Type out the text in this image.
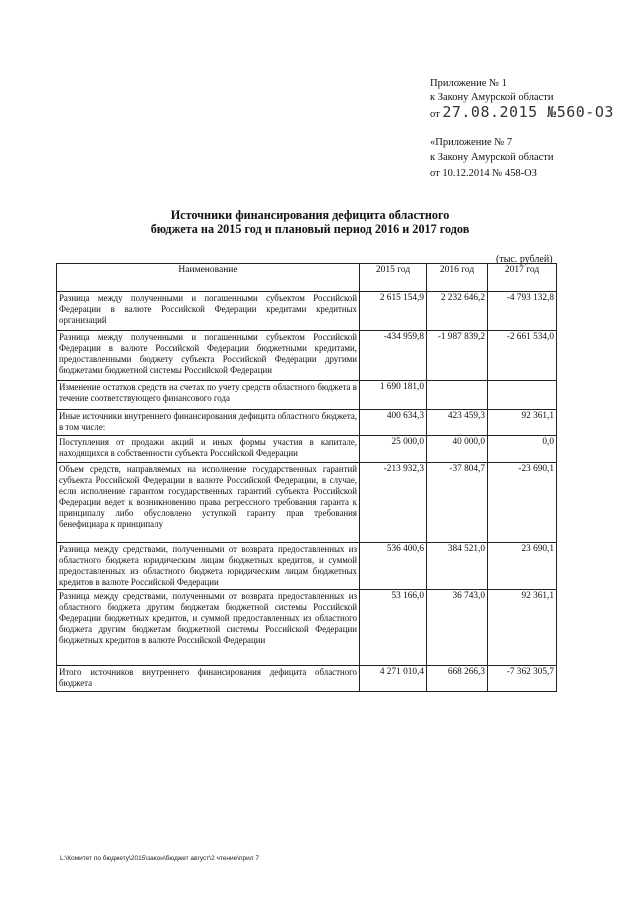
Приложение № 1
к Закону Амурской области
от 27.08.2015 №560-ОЗ
«Приложение № 7
к Закону Амурской области
от 10.12.2014 № 458-ОЗ
Источники финансирования дефицита областного
бюджета на 2015 год и плановый период 2016 и 2017 годов
(тыс. рублей)
Наименование	2015 год	2016 год	2017 год
Разница между полученными и погашенными субъектом Российской Федерации в валюте Российской Федерации кредитами кредитных организаций	2 615 154,9	2 232 646,2	-4 793 132,8
Разница между полученными и погашенными субъектом Российской Федерации в валюте Российской Федерации бюджетными кредитами, предоставленными бюджету субъекта Российской Федерации другими бюджетами бюджетной системы Российской Федерации	-434 959,8	-1 987 839,2	-2 661 534,0
Изменение остатков средств на счетах по учету средств областного бюджета в течение соответствующего финансового года	1 690 181,0		
Иные источники внутреннего финансирования дефицита областного бюджета, в том числе:	400 634,3	423 459,3	92 361,1
Поступления от продажи акций и иных формы участия в капитале, находящихся в собственности субъекта Российской Федерации	25 000,0	40 000,0	0,0
Объем средств, направляемых на исполнение государственных гарантий субъекта Российской Федерации в валюте Российской Федерации, в случае, если исполнение гарантом государственных гарантий субъекта Российской Федерации ведет к возникновению права регрессного требования гаранта к принципалу либо обусловлено уступкой гаранту прав требования бенефициара к принципалу	-213 932,3	-37 804,7	-23 690,1
Разница между средствами, полученными от возврата предоставленных из областного бюджета юридическим лицам бюджетных кредитов, и суммой предоставленных из областного бюджета юридическим лицам бюджетных кредитов в валюте Российской Федерации	536 400,6	384 521,0	23 690,1
Разница между средствами, полученными от возврата предоставленных из областного бюджета другим бюджетам бюджетной системы Российской Федерации бюджетных кредитов, и суммой предоставленных из областного бюджета другим бюджетам бюджетной системы Российской Федерации бюджетных кредитов в валюте Российской Федерации	53 166,0	36 743,0	92 361,1
Итого источников внутреннего финансирования дефицита областного бюджета	4 271 010,4	668 266,3	-7 362 305,7
L:\Комитет по бюджету\2015\закон\бюджет август\2 чтение\прил 7
